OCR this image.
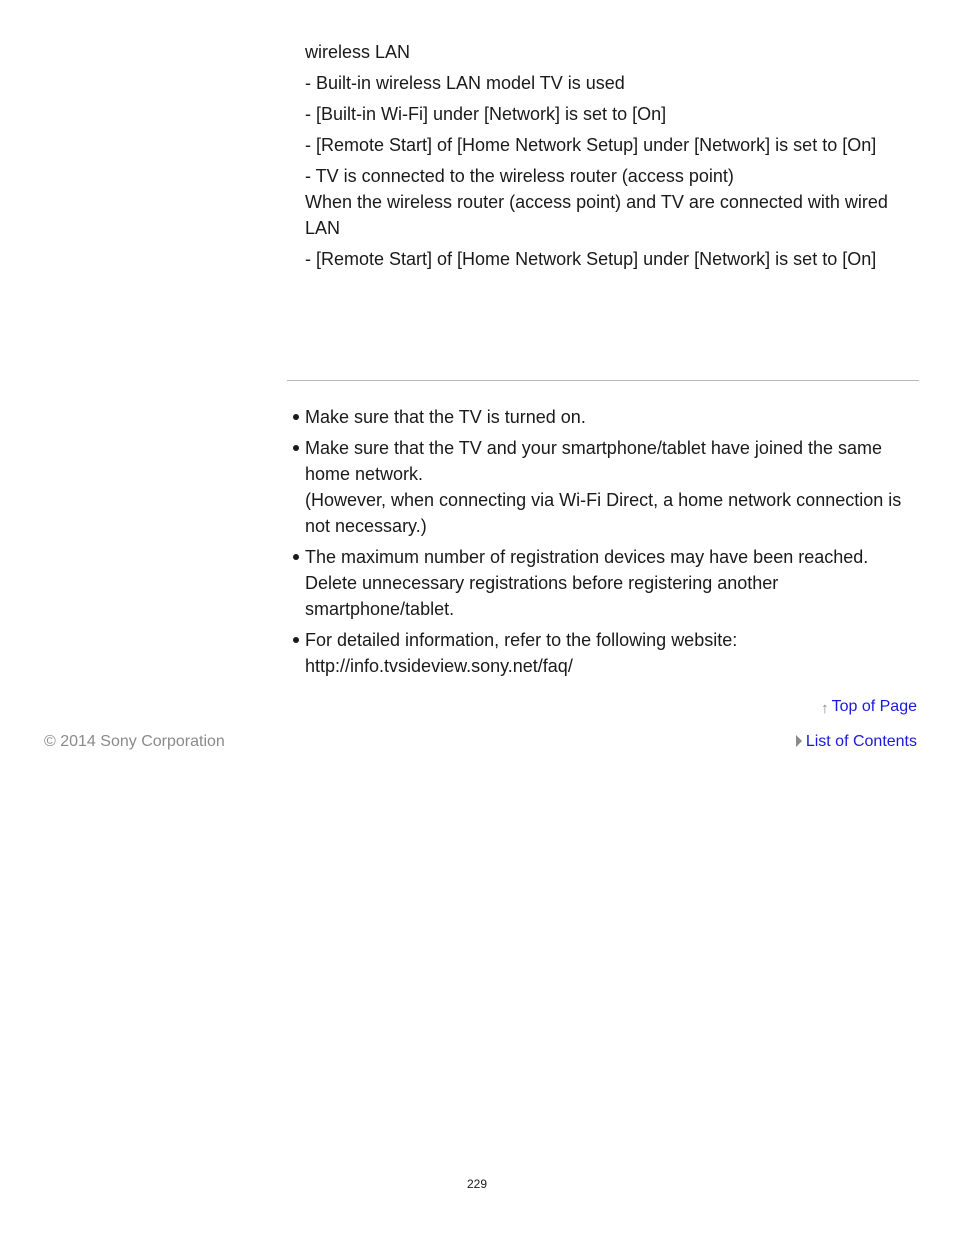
wireless LAN
- Built-in wireless LAN model TV is used
- [Built-in Wi-Fi] under [Network] is set to [On]
- [Remote Start] of [Home Network Setup] under [Network] is set to [On]
- TV is connected to the wireless router (access point)
When the wireless router (access point) and TV are connected with wired LAN
- [Remote Start] of [Home Network Setup] under [Network] is set to [On]
Make sure that the TV is turned on.
Make sure that the TV and your smartphone/tablet have joined the same home network.
(However, when connecting via Wi-Fi Direct, a home network connection is not necessary.)
The maximum number of registration devices may have been reached.
Delete unnecessary registrations before registering another smartphone/tablet.
For detailed information, refer to the following website:
http://info.tvsideview.sony.net/faq/
↑ Top of Page
© 2014 Sony Corporation	List of Contents
229
